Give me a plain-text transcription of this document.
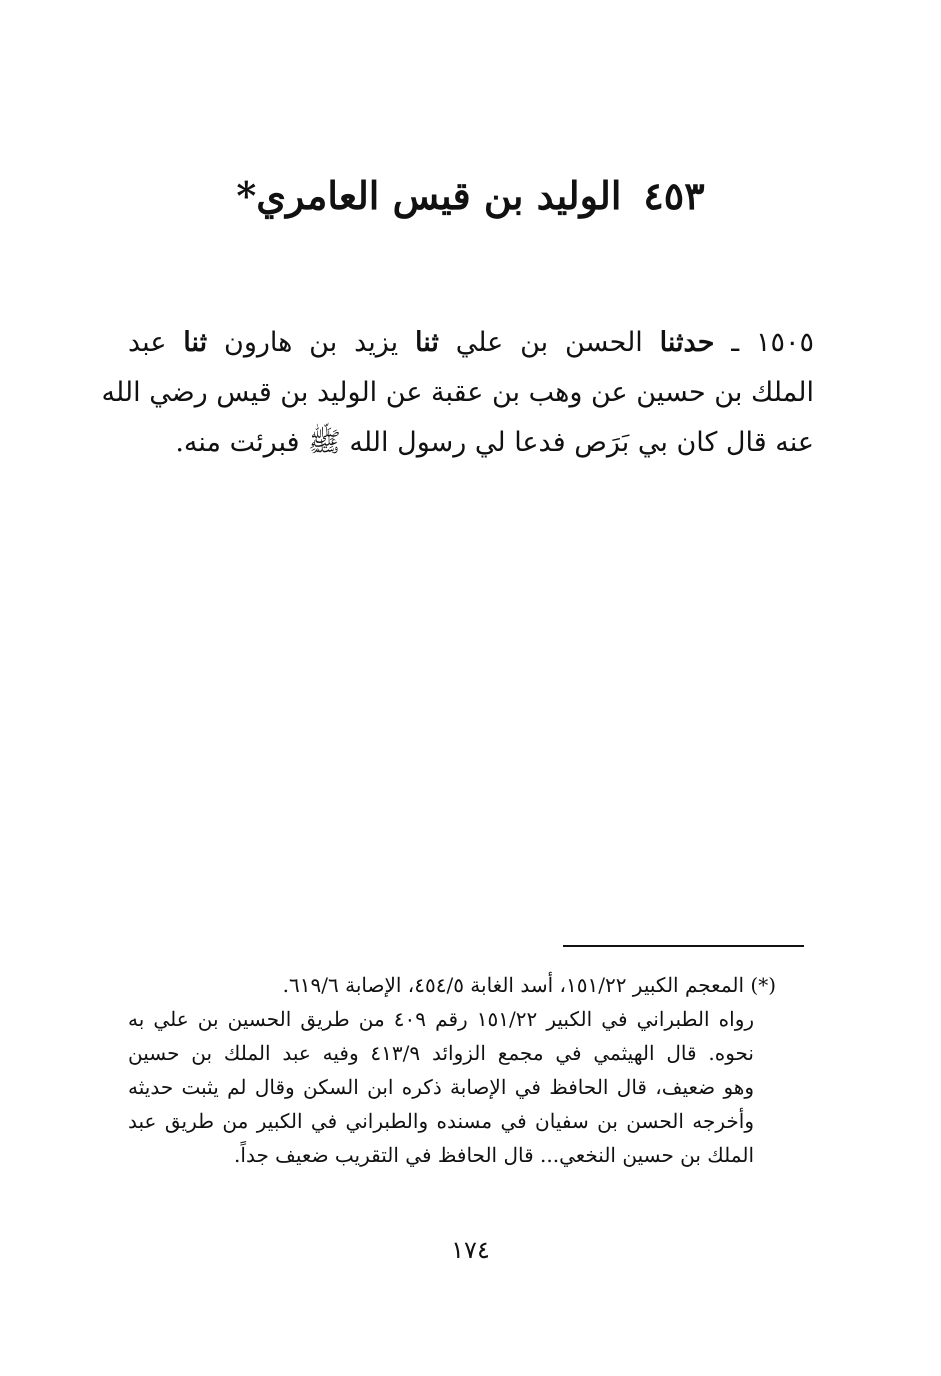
٤٥٣الوليد بن قيس العامري*
١٥٠٥ ـ حدثنا الحسن بن علي ثنا يزيد بن هارون ثنا عبد
الملك بن حسين عن وهب بن عقبة عن الوليد بن قيس رضي الله
عنه قال كان بي بَرَص فدعا لي رسول الله ﷺ فبرئت منه.
(*) المعجم الكبير ١٥١/٢٢، أسد الغابة ٤٥٤/٥، الإصابة ٦١٩/٦.
رواه الطبراني في الكبير ١٥١/٢٢ رقم ٤٠٩ من طريق الحسين بن علي به
نحوه. قال الهيثمي في مجمع الزوائد ٤١٣/٩ وفيه عبد الملك بن حسين
وهو ضعيف، قال الحافظ في الإصابة ذكره ابن السكن وقال لم يثبت حديثه
وأخرجه الحسن بن سفيان في مسنده والطبراني في الكبير من طريق عبد
الملك بن حسين النخعي... قال الحافظ في التقريب ضعيف جداً.
١٧٤
